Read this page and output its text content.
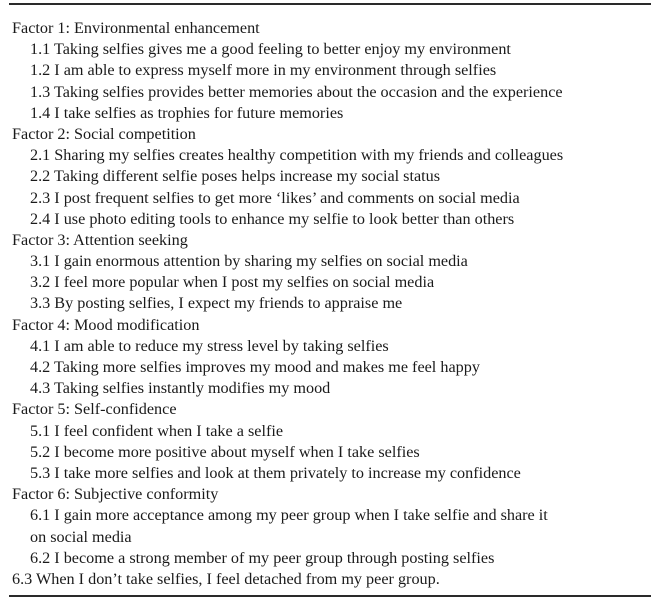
Factor 1: Environmental enhancement
1.1 Taking selfies gives me a good feeling to better enjoy my environment
1.2 I am able to express myself more in my environment through selfies
1.3 Taking selfies provides better memories about the occasion and the experience
1.4 I take selfies as trophies for future memories
Factor 2: Social competition
2.1 Sharing my selfies creates healthy competition with my friends and colleagues
2.2 Taking different selfie poses helps increase my social status
2.3 I post frequent selfies to get more ‘likes’ and comments on social media
2.4 I use photo editing tools to enhance my selfie to look better than others
Factor 3: Attention seeking
3.1 I gain enormous attention by sharing my selfies on social media
3.2 I feel more popular when I post my selfies on social media
3.3 By posting selfies, I expect my friends to appraise me
Factor 4: Mood modification
4.1 I am able to reduce my stress level by taking selfies
4.2 Taking more selfies improves my mood and makes me feel happy
4.3 Taking selfies instantly modifies my mood
Factor 5: Self-confidence
5.1 I feel confident when I take a selfie
5.2 I become more positive about myself when I take selfies
5.3 I take more selfies and look at them privately to increase my confidence
Factor 6: Subjective conformity
6.1 I gain more acceptance among my peer group when I take selfie and share it
on social media
6.2 I become a strong member of my peer group through posting selfies
6.3 When I don’t take selfies, I feel detached from my peer group.
